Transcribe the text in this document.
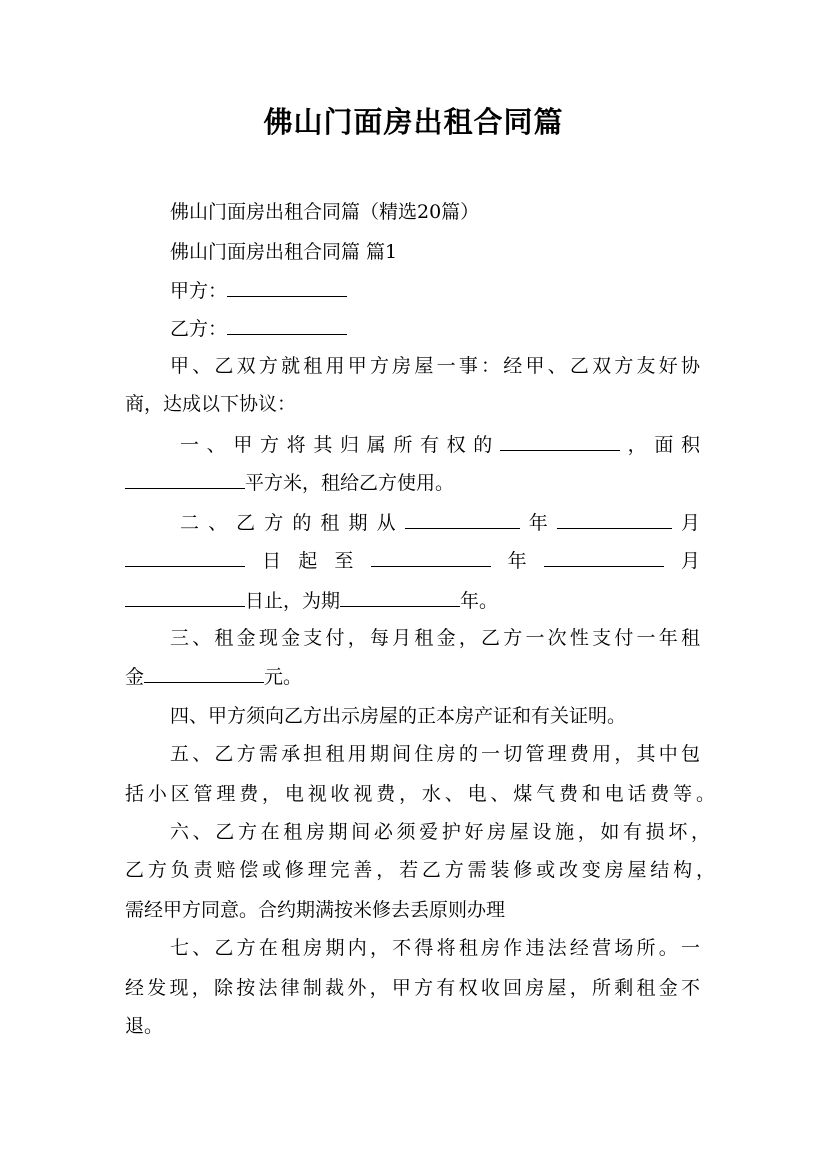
佛山门面房出租合同篇
佛山门面房出租合同篇（精选20篇）
佛山门面房出租合同篇 篇1
甲方：
乙方：
甲、乙双方就租用甲方房屋一事：经甲、乙双方友好协
商，达成以下协议：
一、甲方将其归属所有权的	，面积
平方米，租给乙方使用。
二、乙方的租期从	年	月
日起至	年	月
日止，为期	年。
三、租金现金支付，每月租金，乙方一次性支付一年租
金	元。
四、甲方须向乙方出示房屋的正本房产证和有关证明。
五、乙方需承担租用期间住房的一切管理费用，其中包
括小区管理费，电视收视费，水、电、煤气费和电话费等。
六、乙方在租房期间必须爱护好房屋设施，如有损坏，
乙方负责赔偿或修理完善，若乙方需装修或改变房屋结构，
需经甲方同意。合约期满按米修去丢原则办理
七、乙方在租房期内，不得将租房作违法经营场所。一
经发现，除按法律制裁外，甲方有权收回房屋，所剩租金不
退。
